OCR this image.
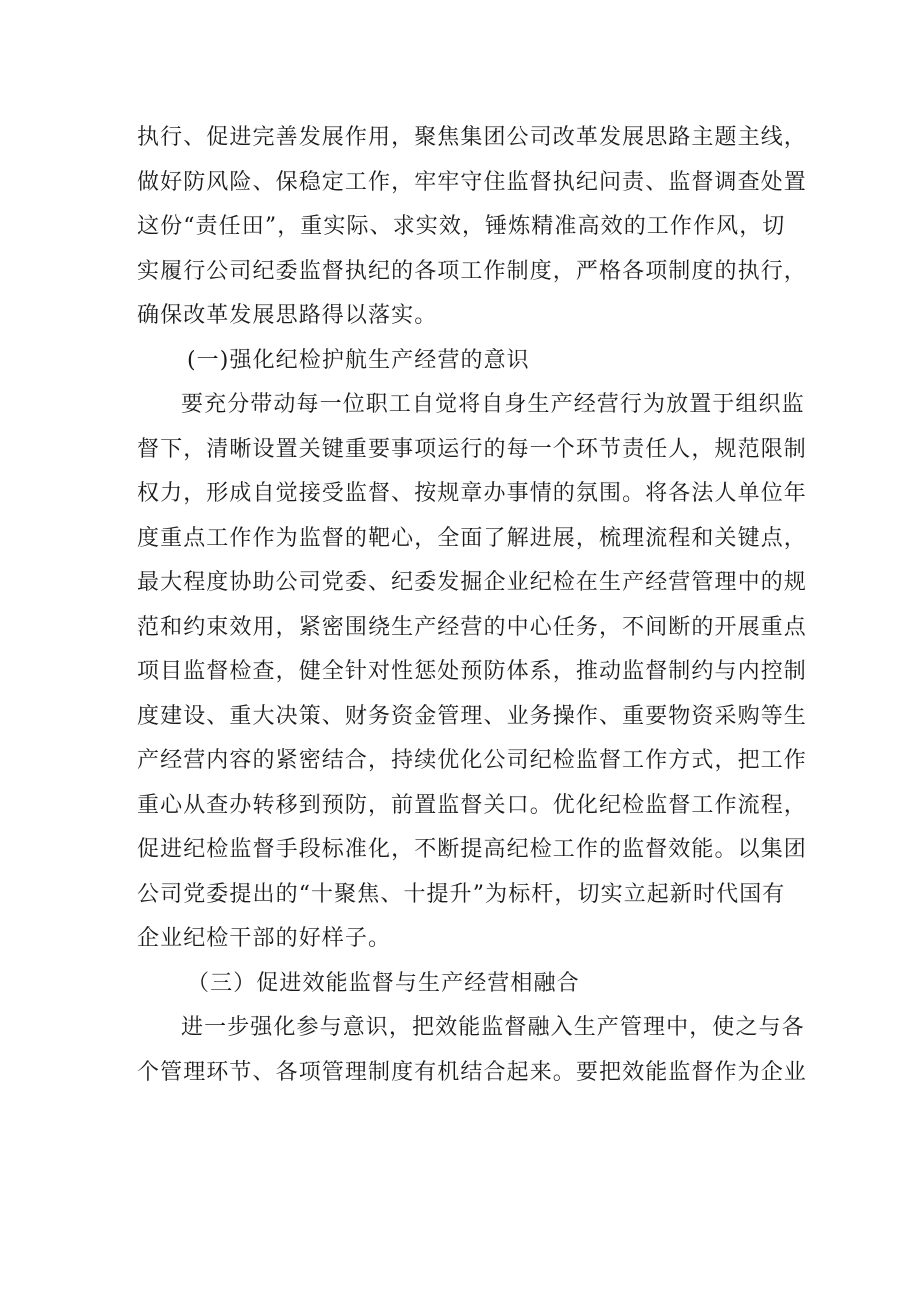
执行、促进完善发展作用，聚焦集团公司改革发展思路主题主线，
做好防风险、保稳定工作，牢牢守住监督执纪问责、监督调查处置
这份“责任田”，重实际、求实效，锤炼精准高效的工作作风，切
实履行公司纪委监督执纪的各项工作制度，严格各项制度的执行，
确保改革发展思路得以落实。
(一)强化纪检护航生产经营的意识
要充分带动每一位职工自觉将自身生产经营行为放置于组织监
督下，清晰设置关键重要事项运行的每一个环节责任人，规范限制
权力，形成自觉接受监督、按规章办事情的氛围。将各法人单位年
度重点工作作为监督的靶心，全面了解进展，梳理流程和关键点，
最大程度协助公司党委、纪委发掘企业纪检在生产经营管理中的规
范和约束效用，紧密围绕生产经营的中心任务，不间断的开展重点
项目监督检查，健全针对性惩处预防体系，推动监督制约与内控制
度建设、重大决策、财务资金管理、业务操作、重要物资采购等生
产经营内容的紧密结合，持续优化公司纪检监督工作方式，把工作
重心从查办转移到预防，前置监督关口。优化纪检监督工作流程，
促进纪检监督手段标准化，不断提高纪检工作的监督效能。以集团
公司党委提出的“十聚焦、十提升”为标杆，切实立起新时代国有
企业纪检干部的好样子。
（三）促进效能监督与生产经营相融合
进一步强化参与意识，把效能监督融入生产管理中，使之与各
个管理环节、各项管理制度有机结合起来。要把效能监督作为企业
